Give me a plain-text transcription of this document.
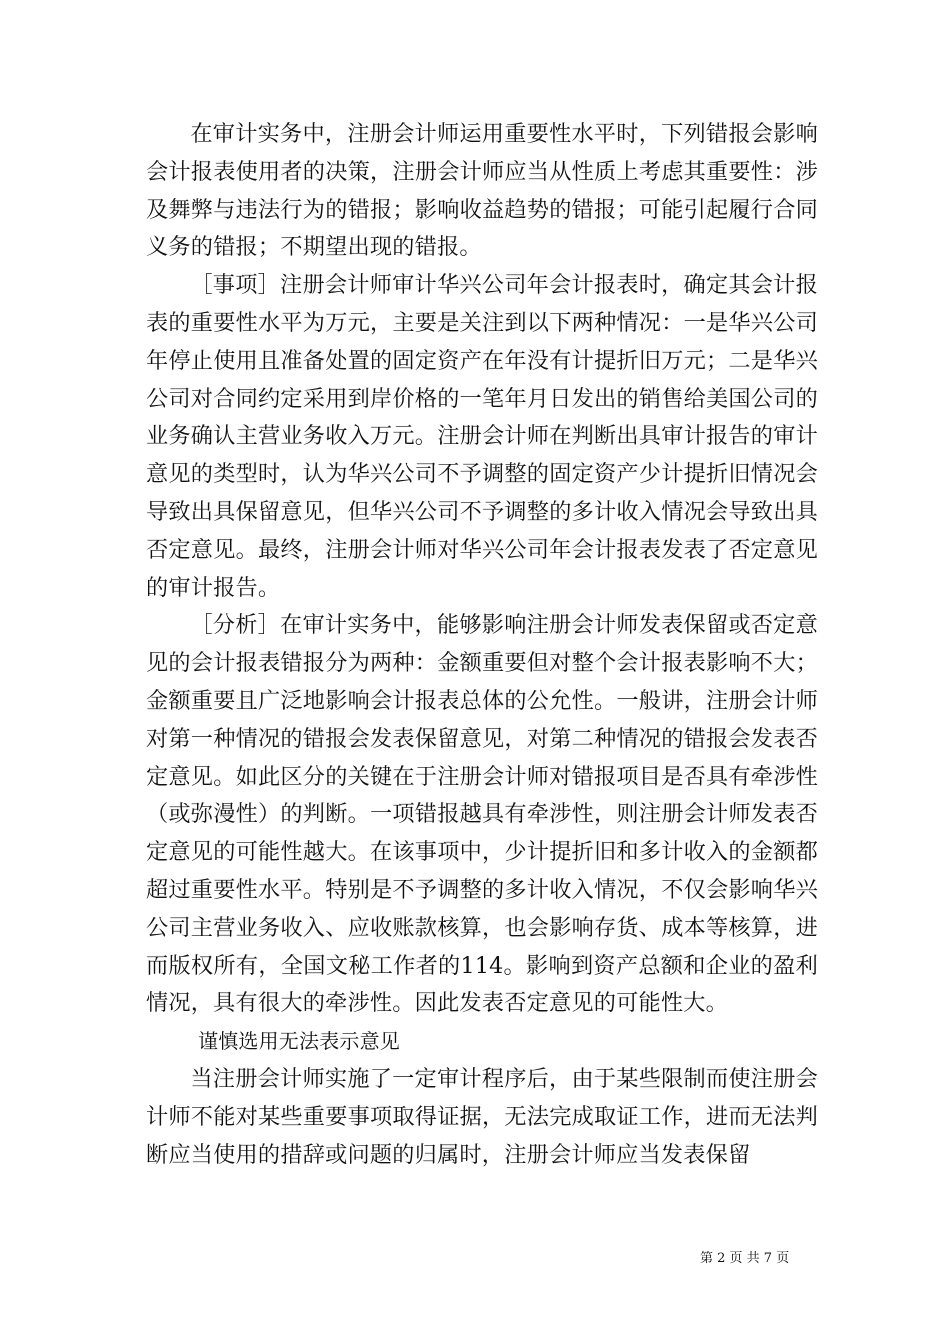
在审计实务中，注册会计师运用重要性水平时，下列错报会影响会计报表使用者的决策，注册会计师应当从性质上考虑其重要性：涉及舞弊与违法行为的错报；影响收益趋势的错报；可能引起履行合同义务的错报；不期望出现的错报。

［事项］注册会计师审计华兴公司年会计报表时，确定其会计报表的重要性水平为万元，主要是关注到以下两种情况：一是华兴公司年停止使用且准备处置的固定资产在年没有计提折旧万元；二是华兴公司对合同约定采用到岸价格的一笔年月日发出的销售给美国公司的业务确认主营业务收入万元。注册会计师在判断出具审计报告的审计意见的类型时，认为华兴公司不予调整的固定资产少计提折旧情况会导致出具保留意见，但华兴公司不予调整的多计收入情况会导致出具否定意见。最终，注册会计师对华兴公司年会计报表发表了否定意见的审计报告。

［分析］在审计实务中，能够影响注册会计师发表保留或否定意见的会计报表错报分为两种：金额重要但对整个会计报表影响不大；金额重要且广泛地影响会计报表总体的公允性。一般讲，注册会计师对第一种情况的错报会发表保留意见，对第二种情况的错报会发表否定意见。如此区分的关键在于注册会计师对错报项目是否具有牵涉性（或弥漫性）的判断。一项错报越具有牵涉性，则注册会计师发表否定意见的可能性越大。在该事项中，少计提折旧和多计收入的金额都超过重要性水平。特别是不予调整的多计收入情况，不仅会影响华兴公司主营业务收入、应收账款核算，也会影响存货、成本等核算，进而版权所有，全国文秘工作者的114。影响到资产总额和企业的盈利情况，具有很大的牵涉性。因此发表否定意见的可能性大。

谨慎选用无法表示意见

当注册会计师实施了一定审计程序后，由于某些限制而使注册会计师不能对某些重要事项取得证据，无法完成取证工作，进而无法判断应当使用的措辞或问题的归属时，注册会计师应当发表保留

第 2 页 共 7 页
